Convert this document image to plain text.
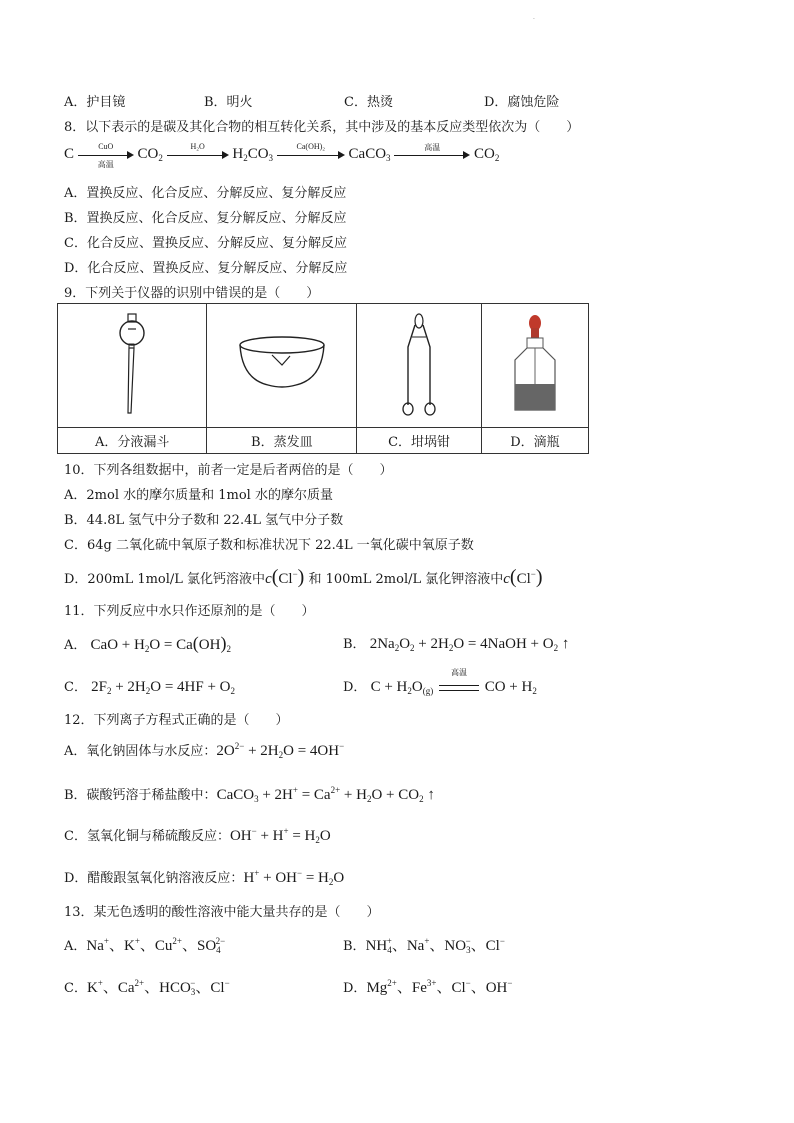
·
A．护目镜	B．明火	C．热烫	D．腐蚀危险
8．以下表示的是碳及其化合物的相互转化关系，其中涉及的基本反应类型依次为（　　）
C	CuO
高温
$CO_2$
H₂O	$H_2CO_3$
Ca(OH)₂	CaCO$_3$
高温	$CO_2$
A．置换反应、化合反应、分解反应、复分解反应
B．置换反应、化合反应、复分解反应、分解反应
C．化合反应、置换反应、分解反应、复分解反应
D．化合反应、置换反应、复分解反应、分解反应
9．下列关于仪器的识别中错误的是（　　）

A．分液漏斗	B．蒸发皿	C．坩埚钳	D．滴瓶
10．下列各组数据中，前者一定是后者两倍的是（　　）
A．2mol 水的摩尔质量和 1mol 水的摩尔质量
B．44.8L 氢气中分子数和 22.4L 氢气中分子数
C．64g 二氧化硫中氧原子数和标准状况下 22.4L 一氧化碳中氧原子数
D．200mL 1mol/L 氯化钙溶液中c(Cl−) 和 100mL 2mol/L 氯化钾溶液中c(Cl−)
11．下列反应中水只作还原剂的是（　　）
A． CaO + $H_2O = Ca(OH)_2$	B． $2Na_2O_2 + 2H_2O$ = 4NaOH + $O_2$ ↑
C． $2F_2 + 2H_2O = 4HF + O_2$	D． $C + H_2O_{(g)}$
高温
CO + $H_2$
12．下列离子方程式正确的是（　　）
A．氧化钠固体与水反应：$2O^{2-} + 2H_2O = 4OH^-$
B．碳酸钙溶于稀盐酸中：CaCO$_3$ + $2H^+ = Ca^{2+} + H_2O + CO_2$ ↑
C．氢氧化铜与稀硫酸反应：$OH^- + H^+ = H_2O$
D．醋酸跟氢氧化钠溶液反应：$H^+ + OH^- = H_2O$
13．某无色透明的酸性溶液中能大量共存的是（　　）
A．Na+、K+、$Cu^{2+}$、$SO_4^{2-}$	B．$NH_4^+$、Na+、$NO_3^-$、Cl−
C．K+、$Ca^{2+}$、$HCO_3^-$、Cl−	D．$Mg^{2+}$、$Fe^{3+}$、Cl−、OH−
